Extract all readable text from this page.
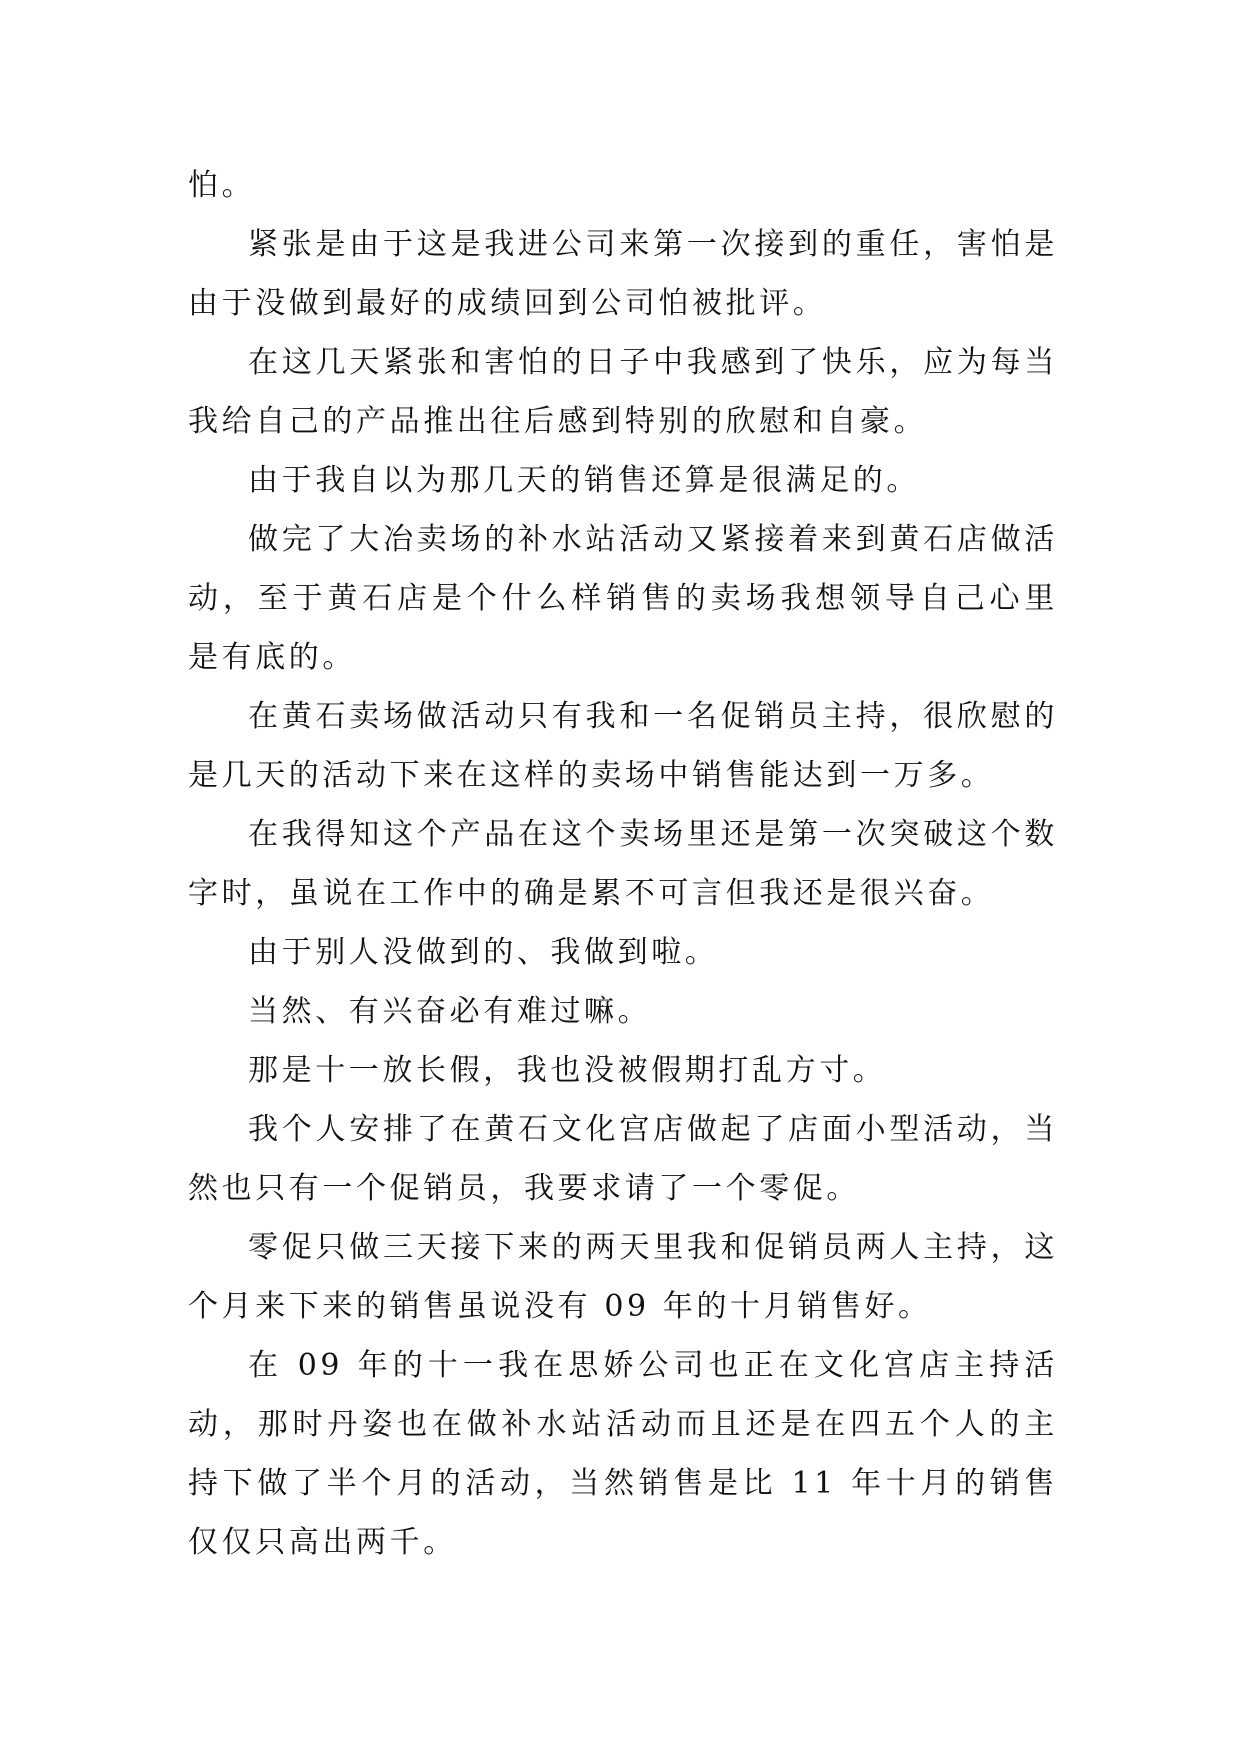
怕。

紧张是由于这是我进公司来第一次接到的重任，害怕是由于没做到最好的成绩回到公司怕被批评。

在这几天紧张和害怕的日子中我感到了快乐，应为每当我给自己的产品推出往后感到特别的欣慰和自豪。

由于我自以为那几天的销售还算是很满足的。

做完了大冶卖场的补水站活动又紧接着来到黄石店做活动，至于黄石店是个什么样销售的卖场我想领导自己心里是有底的。

在黄石卖场做活动只有我和一名促销员主持，很欣慰的是几天的活动下来在这样的卖场中销售能达到一万多。

在我得知这个产品在这个卖场里还是第一次突破这个数字时，虽说在工作中的确是累不可言但我还是很兴奋。

由于别人没做到的、我做到啦。

当然、有兴奋必有难过嘛。

那是十一放长假，我也没被假期打乱方寸。

我个人安排了在黄石文化宫店做起了店面小型活动，当然也只有一个促销员，我要求请了一个零促。

零促只做三天接下来的两天里我和促销员两人主持，这个月来下来的销售虽说没有 09 年的十月销售好。

在 09 年的十一我在思娇公司也正在文化宫店主持活动，那时丹姿也在做补水站活动而且还是在四五个人的主持下做了半个月的活动，当然销售是比 11 年十月的销售仅仅只高出两千。
